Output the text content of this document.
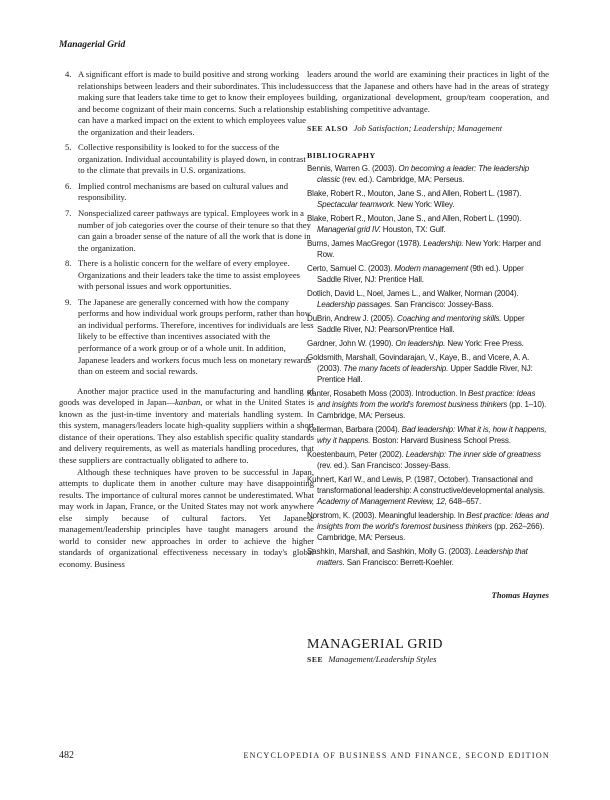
Managerial Grid
4. A significant effort is made to build positive and strong working relationships between leaders and their subordinates. This includes making sure that leaders take time to get to know their employees and become cognizant of their main concerns. Such a relationship can have a marked impact on the extent to which employees value the organization and their leaders.
5. Collective responsibility is looked to for the success of the organization. Individual accountability is played down, in contrast to the climate that prevails in U.S. organizations.
6. Implied control mechanisms are based on cultural values and responsibility.
7. Nonspecialized career pathways are typical. Employees work in a number of job categories over the course of their tenure so that they can gain a broader sense of the nature of all the work that is done in the organization.
8. There is a holistic concern for the welfare of every employee. Organizations and their leaders take the time to assist employees with personal issues and work opportunities.
9. The Japanese are generally concerned with how the company performs and how individual work groups perform, rather than how an individual performs. Therefore, incentives for individuals are less likely to be effective than incentives associated with the performance of a work group or of a whole unit. In addition, Japanese leaders and workers focus much less on monetary rewards than on esteem and social rewards.

Another major practice used in the manufacturing and handling of goods was developed in Japan—kanban, or what in the United States is known as the just-in-time inventory and materials handling system. In this system, managers/leaders locate high-quality suppliers within a short distance of their operations. They also establish specific quality standards and delivery requirements, as well as materials handling procedures, that these suppliers are contractually obligated to adhere to.

Although these techniques have proven to be successful in Japan, attempts to duplicate them in another culture may have disappointing results. The importance of cultural mores cannot be underestimated. What may work in Japan, France, or the United States may not work anywhere else simply because of cultural factors. Yet Japanese management/leadership principles have taught managers around the world to consider new approaches in order to achieve the higher standards of organizational effectiveness necessary in today's global economy. Business

leaders around the world are examining their practices in light of the success that the Japanese and others have had in the areas of strategy building, organizational development, group/team cooperation, and establishing competitive advantage.

SEE ALSO Job Satisfaction; Leadership; Management

BIBLIOGRAPHY
Bennis, Warren G. (2003). On becoming a leader: The leadership classic (rev. ed.). Cambridge, MA: Perseus.
Blake, Robert R., Mouton, Jane S., and Allen, Robert L. (1987). Spectacular teamwork. New York: Wiley.
Blake, Robert R., Mouton, Jane S., and Allen, Robert L. (1990). Managerial grid IV. Houston, TX: Gulf.
Burns, James MacGregor (1978). Leadership. New York: Harper and Row.
Certo, Samuel C. (2003). Modern management (9th ed.). Upper Saddle River, NJ: Prentice Hall.
Dotlich, David L., Noel, James L., and Walker, Norman (2004). Leadership passages. San Francisco: Jossey-Bass.
DuBrin, Andrew J. (2005). Coaching and mentoring skills. Upper Saddle River, NJ: Pearson/Prentice Hall.
Gardner, John W. (1990). On leadership. New York: Free Press.
Goldsmith, Marshall, Govindarajan, V., Kaye, B., and Vicere, A. A. (2003). The many facets of leadership. Upper Saddle River, NJ: Prentice Hall.
Kanter, Rosabeth Moss (2003). Introduction. In Best practice: Ideas and insights from the world's foremost business thinkers (pp. 1–10). Cambridge, MA: Perseus.
Kellerman, Barbara (2004). Bad leadership: What it is, how it happens, why it happens. Boston: Harvard Business School Press.
Koestenbaum, Peter (2002). Leadership: The inner side of greatness (rev. ed.). San Francisco: Jossey-Bass.
Kuhnert, Karl W., and Lewis, P. (1987, October). Transactional and transformational leadership: A constructive/developmental analysis. Academy of Management Review, 12, 648–657.
Norstrom, K. (2003). Meaningful leadership. In Best practice: Ideas and insights from the world's foremost business thinkers (pp. 262–266). Cambridge, MA: Perseus.
Sashkin, Marshall, and Sashkin, Molly G. (2003). Leadership that matters. San Francisco: Berrett-Koehler.

Thomas Haynes

MANAGERIAL GRID

SEE Management/Leadership Styles

482	ENCYCLOPEDIA OF BUSINESS AND FINANCE, SECOND EDITION
